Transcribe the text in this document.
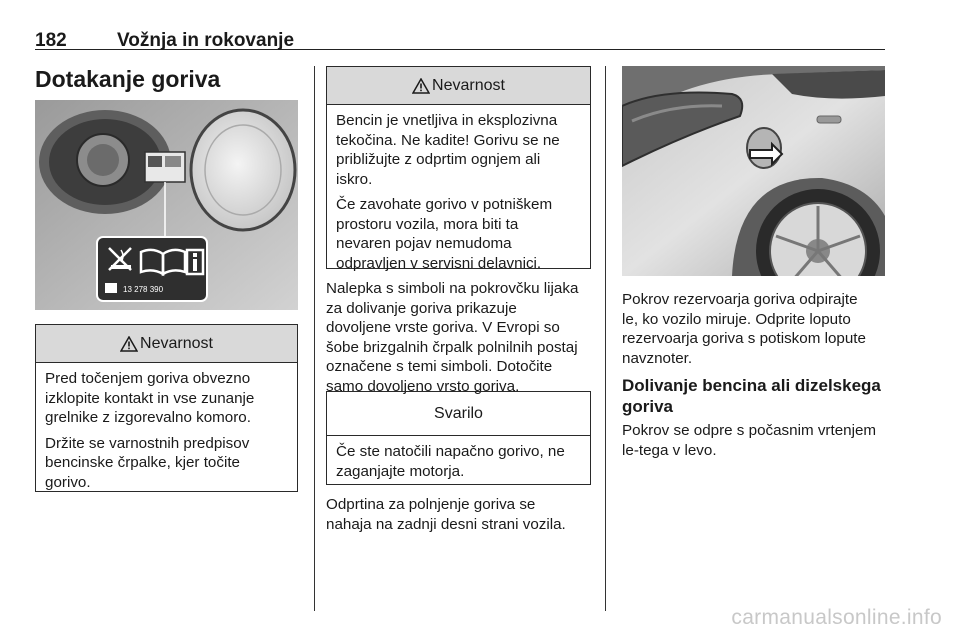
182	Vožnja in rokovanje
Dotakanje goriva
13 278 390
Nevarnost

Pred točenjem goriva obvezno
izklopite kontakt in vse zunanje
grelnike z izgorevalno komoro.

Držite se varnostnih predpisov
bencinske črpalke, kjer točite
gorivo.

Nevarnost

Bencin je vnetljiva in eksplozivna
tekočina. Ne kadite! Gorivu se ne
približujte z odprtim ognjem ali
iskro.

Če zavohate gorivo v potniškem
prostoru vozila, mora biti ta
nevaren pojav nemudoma
odpravljen v servisni delavnici.

Nalepka s simboli na pokrovčku lijaka
za dolivanje goriva prikazuje
dovoljene vrste goriva. V Evropi so
šobe brizgalnih črpalk polnilnih postaj
označene s temi simboli. Dotočite
samo dovoljeno vrsto goriva.
Svarilo
Če ste natočili napačno gorivo, ne
zaganjajte motorja.
Odprtina za polnjenje goriva se
nahaja na zadnji desni strani vozila.
Pokrov rezervoarja goriva odpirajte
le, ko vozilo miruje. Odprite loputo
rezervoarja goriva s potiskom lopute
navznoter.
Dolivanje bencina ali dizelskega
goriva
Pokrov se odpre s počasnim vrtenjem
le-tega v levo.
carmanualsonline.info
